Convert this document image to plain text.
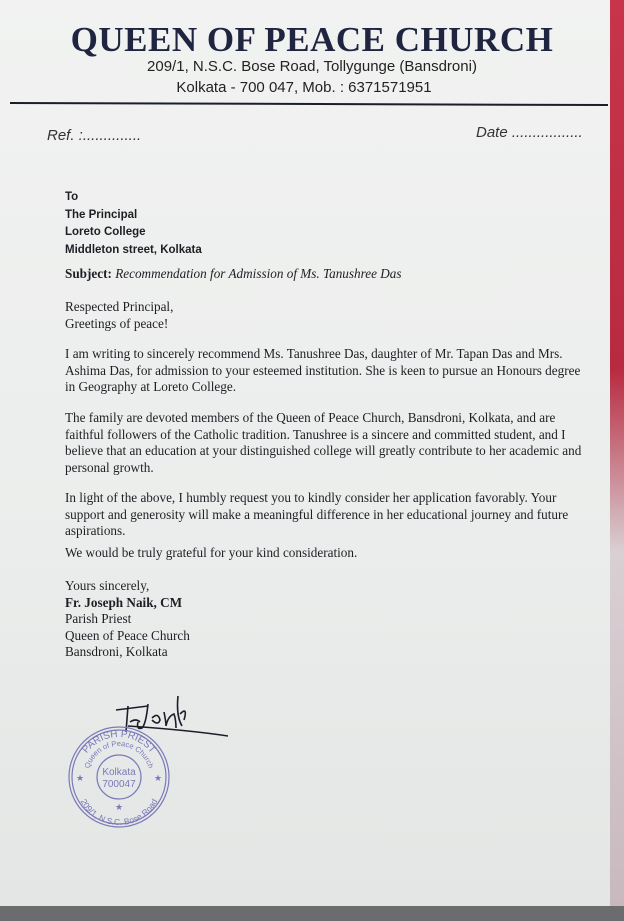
QUEEN OF PEACE CHURCH
209/1, N.S.C. Bose Road, Tollygunge (Bansdroni)
Kolkata - 700 047, Mob. : 6371571951
Ref. :..............	Date .................
To
The Principal
Loreto College
Middleton street, Kolkata
Subject: Recommendation for Admission of Ms. Tanushree Das
Respected Principal,
Greetings of peace!
I am writing to sincerely recommend Ms. Tanushree Das, daughter of Mr. Tapan Das and Mrs. Ashima Das, for admission to your esteemed institution. She is keen to pursue an Honours degree in Geography at Loreto College.
The family are devoted members of the Queen of Peace Church, Bansdroni, Kolkata, and are faithful followers of the Catholic tradition. Tanushree is a sincere and committed student, and I believe that an education at your distinguished college will greatly contribute to her academic and personal growth.
In light of the above, I humbly request you to kindly consider her application favorably. Your support and generosity will make a meaningful difference in her educational journey and future aspirations.
We would be truly grateful for your kind consideration.
Yours sincerely,
Fr. Joseph Naik, CM
Parish Priest
Queen of Peace Church
Bansdroni, Kolkata
PARISH PRIEST
Queen of Peace Church
209/1, N.S.C. Bose Road
Kolkata
700047
★	★
★
